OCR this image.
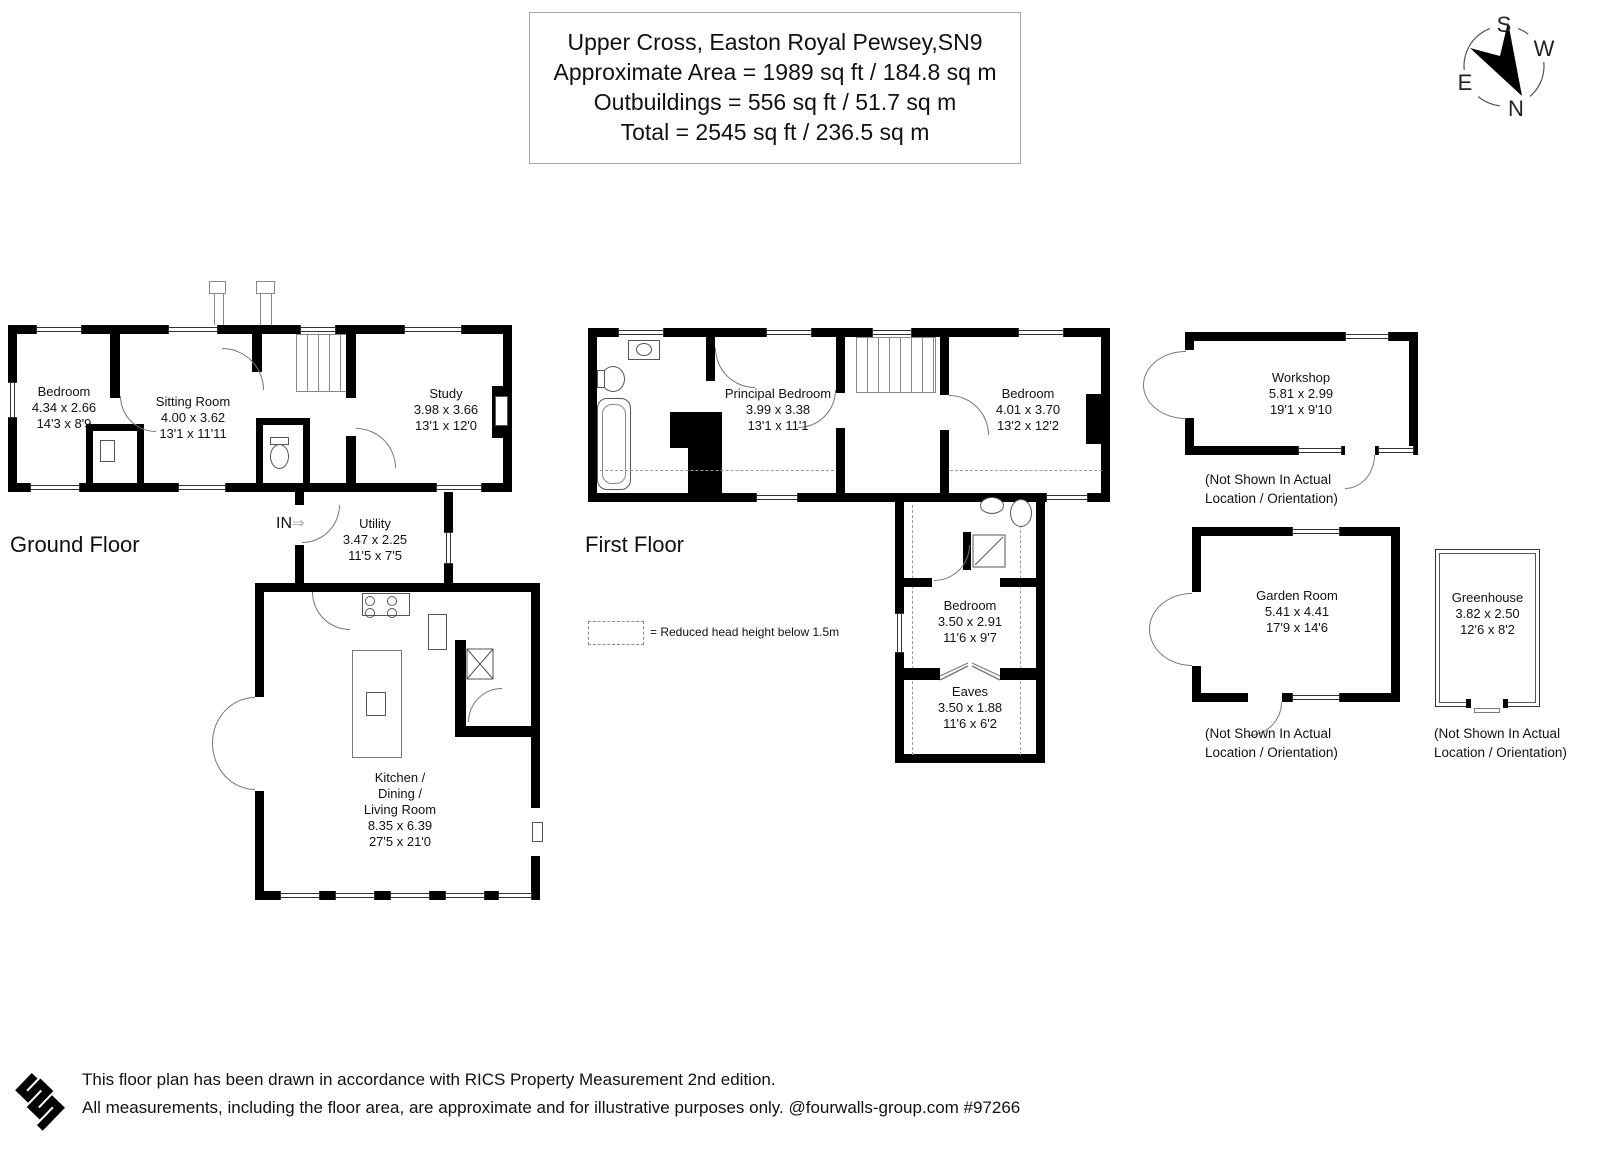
Upper Cross, Easton Royal Pewsey,SN9
Approximate Area = 1989 sq ft / 184.8 sq m
Outbuildings = 556 sq ft / 51.7 sq m
Total = 2545 sq ft / 236.5 sq m
S
W
N
E
IN⇒
Bedroom
4.34 x 2.66
14'3 x 8'9
Sitting Room
4.00 x 3.62
13'1 x 11'11
Study
3.98 x 3.66
13'1 x 12'0
Utility
3.47 x 2.25
11'5 x 7'5
Kitchen /
Dining /
Living Room
8.35 x 6.39
27'5 x 21'0
Ground Floor
Principal Bedroom
3.99 x 3.38
13'1 x 11'1
Bedroom
4.01 x 3.70
13'2 x 12'2
Bedroom
3.50 x 2.91
11'6 x 9'7
Eaves
3.50 x 1.88
11'6 x 6'2
First Floor
= Reduced head height below 1.5m
Workshop
5.81 x 2.99
19'1 x 9'10
(Not Shown In Actual
Location / Orientation)
Garden Room
5.41 x 4.41
17'9 x 14'6
(Not Shown In Actual
Location / Orientation)
Greenhouse
3.82 x 2.50
12'6 x 8'2
(Not Shown In Actual
Location / Orientation)
This floor plan has been drawn in accordance with RICS Property Measurement 2nd edition.
All measurements, including the floor area, are approximate and for illustrative purposes only. @fourwalls-group.com #97266
